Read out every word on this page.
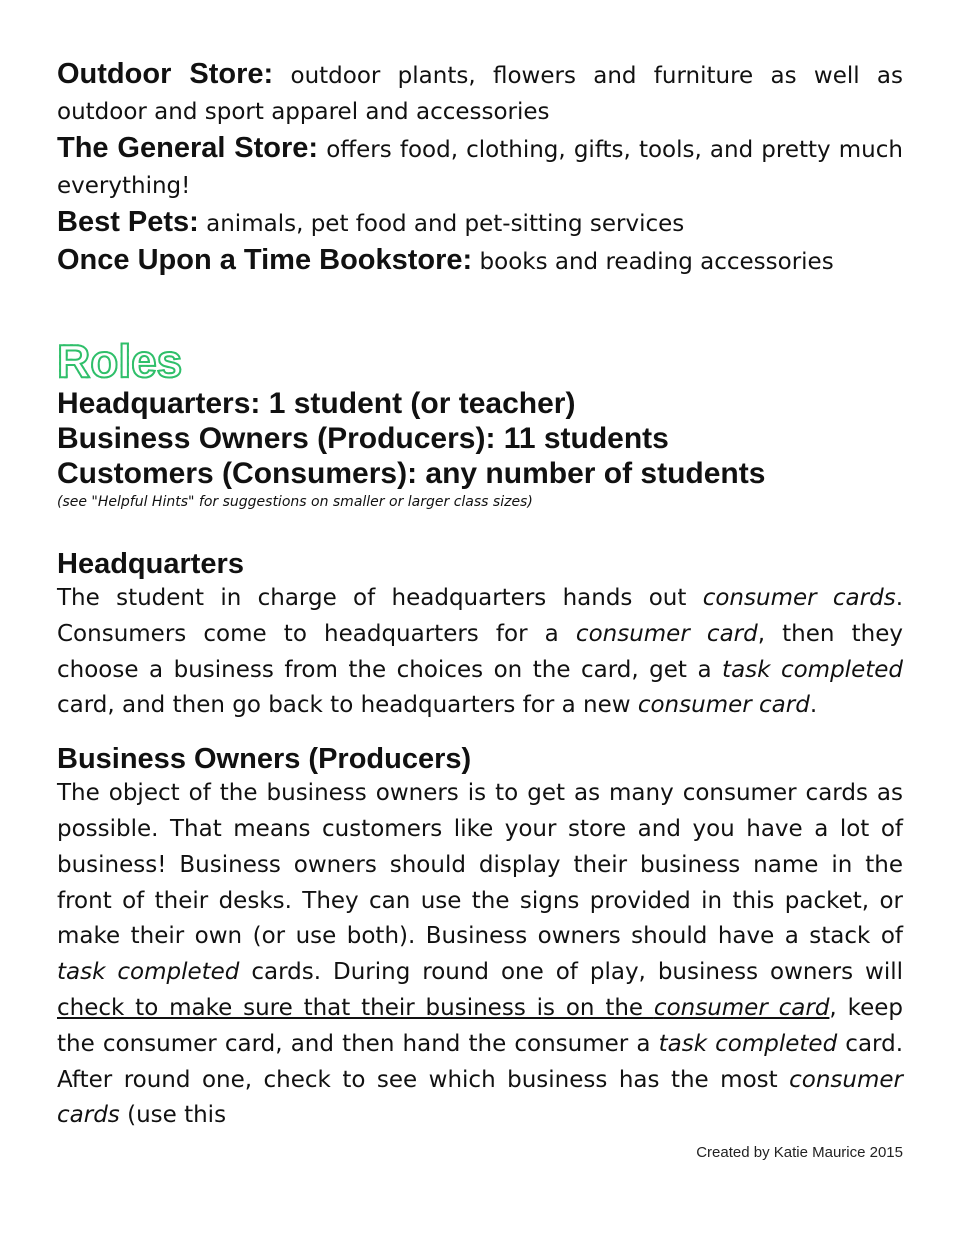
Outdoor Store: outdoor plants, flowers and furniture as well as outdoor and sport apparel and accessories

The General Store: offers food, clothing, gifts, tools, and pretty much everything!

Best Pets: animals, pet food and pet-sitting services

Once Upon a Time Bookstore: books and reading accessories

Roles

Headquarters: 1 student (or teacher)

Business Owners (Producers): 11 students

Customers (Consumers): any number of students

(see "Helpful Hints" for suggestions on smaller or larger class sizes)

Headquarters

The student in charge of headquarters hands out consumer cards. Consumers come to headquarters for a consumer card, then they choose a business from the choices on the card, get a task completed card, and then go back to headquarters for a new consumer card.

Business Owners (Producers)

The object of the business owners is to get as many consumer cards as possible. That means customers like your store and you have a lot of business! Business owners should display their business name in the front of their desks. They can use the signs provided in this packet, or make their own (or use both). Business owners should have a stack of task completed cards. During round one of play, business owners will check to make sure that their business is on the consumer card, keep the consumer card, and then hand the consumer a task completed card. After round one, check to see which business has the most consumer cards (use this

Created by Katie Maurice 2015
